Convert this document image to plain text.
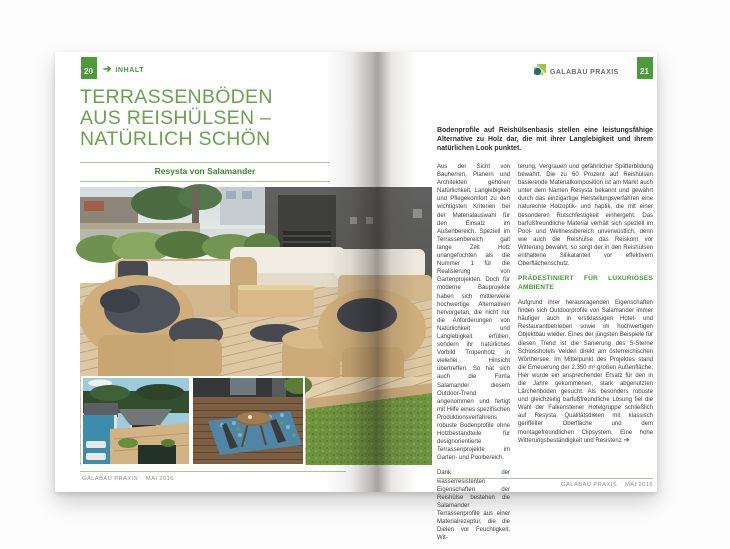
20	➔ INHALT
TERRASSENBÖDEN
AUS REISHÜLSEN –
NATÜRLICH SCHÖN
Resysta von Salamander
GALABAU PRAXIS MAI 2016
GALABAU PRAXIS	21
Bodenprofile auf Reishülsenbasis stellen eine leistungsfähige Alternative zu Holz dar, die mit ihrer Langlebigkeit und ihrem natürlichen Look punktet.

Aus der Sicht von Bauherren, Planern und Architekten gehören Natürlichkeit, Langlebigkeit und Pflegekomfort zu den wichtigsten Kriterien bei der Materialauswahl für den Einsatz im Außenbereich. Speziell im Terrassenbereich galt lange Zeit Holz unangefochten als die Nummer 1 für die Realisierung von Gartenprojekten. Doch für moderne Bauprojekte haben sich mittlerweile hochwertige Alternativen hervorgetan, die nicht nur die Anforderungen von Natürlichkeit und Langlebigkeit erfüllen, sondern ihr natürliches Vorbild Tropenholz in vielerlei Hinsicht übertreffen. So hat sich auch die Firma Salamander diesem Outdoor-Trend angenommen und fertigt mit Hilfe eines spezifischen Produktionsverfahrens robuste Bodenprofile ohne Holzbestandteile für designorientierte Terrassenprojekte im Garten- und Poolbereich.

Dank der wasserresistenten Eigenschaften der Reishülse bestehen die Salamander Terrassenprofile aus einer Materialrezeptur, die die Dielen vor Feuchtigkeit, Wit-

terung, Vergrauen und gefährlicher Splitterbildung bewahrt. Die zu 60 Prozent auf Reishülsen basierende Materialkomposition ist am Markt auch unter dem Namen Resysta bekannt und gewährt durch das einzigartige Herstellungsverfahren eine naturechte Holzoptik- und haptik, die mit einer besonderen Rutschfestigkeit einhergeht. Das barfußfreundliche Material verhält sich speziell im Pool- und Wellnessbereich unverwüstlich, denn wie auch die Reishülse das Reiskorn vor Witterung bewahrt, so sorgt der in den Reishülsen enthaltene Silikatanteil vor effektivem Oberflächenschutz.

PRÄDESTINIERT FÜR LUXURIÖSES AMBIENTE

Aufgrund ihrer herausragenden Eigenschaften finden sich Outdoorprofile von Salamander immer häufiger auch in erstklassigen Hotel- und Restaurantbetrieben sowie im hochwertigen Objektbau wieder. Eines der jüngsten Beispiele für diesen Trend ist die Sanierung des 5-Sterne Schlosshotels Velden direkt am österreichischen Wörthersee. Im Mittelpunkt des Projektes stand die Erneuerung der 2.350 m² großen Außenfläche. Hier wurde ein ansprechender Ersatz für den in die Jahre gekommenen, stark abgenutzten Lärchenboden gesucht. Als besonders robuste und gleichzeitig barfußfreundliche Lösung fiel die Wahl der Falkensteiner Hotelgruppe schließlich auf Resysta Qualitätsdielen mit klassisch geriffelter Oberfläche und dem montagefreundlichen Clipsystem. Eine hohe Witterungsbeständigkeit und Resistenz ➔

GALABAU PRAXIS MAI 2016
